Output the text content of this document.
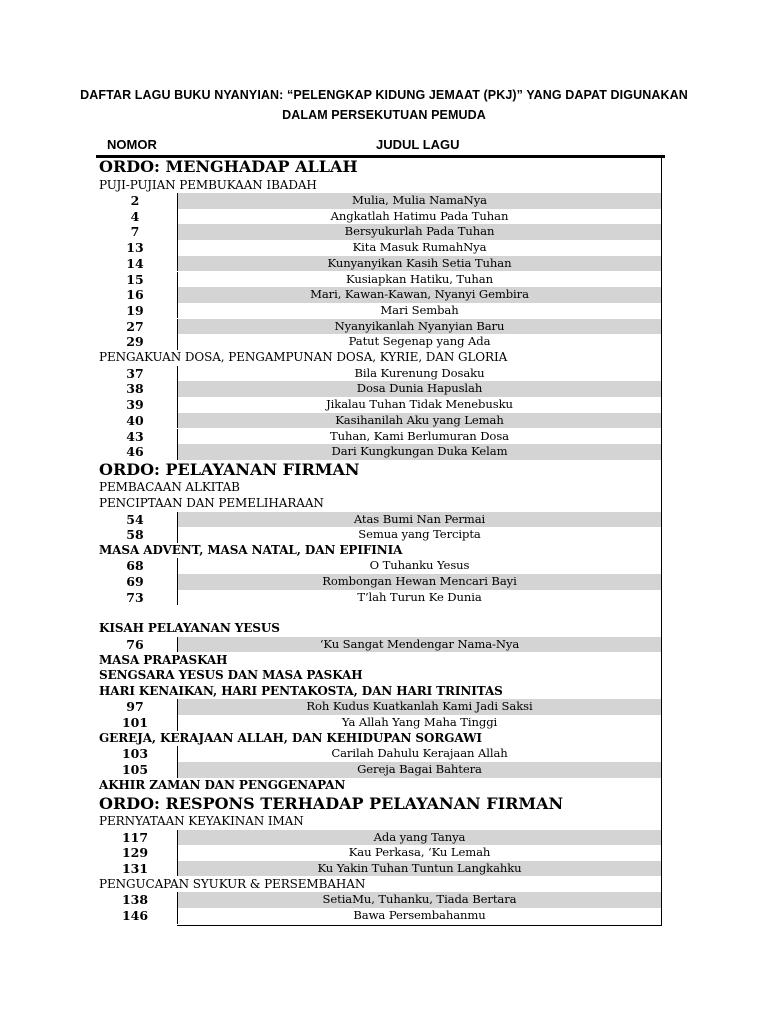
DAFTAR LAGU BUKU NYANYIAN: “PELENGKAP KIDUNG JEMAAT (PKJ)” YANG DAPAT DIGUNAKAN
DALAM PERSEKUTUAN PEMUDA
NOMOR	JUDUL LAGU
ORDO: MENGHADAP ALLAH
PUJI-PUJIAN PEMBUKAAN IBADAH
2	Mulia, Mulia NamaNya
4	Angkatlah Hatimu Pada Tuhan
7	Bersyukurlah Pada Tuhan
13	Kita Masuk RumahNya
14	Kunyanyikan Kasih Setia Tuhan
15	Kusiapkan Hatiku, Tuhan
16	Mari, Kawan-Kawan, Nyanyi Gembira
19	Mari Sembah
27	Nyanyikanlah Nyanyian Baru
29	Patut Segenap yang Ada
PENGAKUAN DOSA, PENGAMPUNAN DOSA, KYRIE, DAN GLORIA
37	Bila Kurenung Dosaku
38	Dosa Dunia Hapuslah
39	Jikalau Tuhan Tidak Menebusku
40	Kasihanilah Aku yang Lemah
43	Tuhan, Kami Berlumuran Dosa
46	Dari Kungkungan Duka Kelam
ORDO: PELAYANAN FIRMAN
PEMBACAAN ALKITAB
PENCIPTAAN DAN PEMELIHARAAN
54	Atas Bumi Nan Permai
58	Semua yang Tercipta
MASA ADVENT, MASA NATAL, DAN EPIFINIA
68	O Tuhanku Yesus
69	Rombongan Hewan Mencari Bayi
73	T’lah Turun Ke Dunia
KISAH PELAYANAN YESUS
76	‘Ku Sangat Mendengar Nama-Nya
MASA PRAPASKAH
SENGSARA YESUS DAN MASA PASKAH
HARI KENAIKAN, HARI PENTAKOSTA, DAN HARI TRINITAS
97	Roh Kudus Kuatkanlah Kami Jadi Saksi
101	Ya Allah Yang Maha Tinggi
GEREJA, KERAJAAN ALLAH, DAN KEHIDUPAN SORGAWI
103	Carilah Dahulu Kerajaan Allah
105	Gereja Bagai Bahtera
AKHIR ZAMAN DAN PENGGENAPAN
ORDO: RESPONS TERHADAP PELAYANAN FIRMAN
PERNYATAAN KEYAKINAN IMAN
117	Ada yang Tanya
129	Kau Perkasa, ‘Ku Lemah
131	Ku Yakin Tuhan Tuntun Langkahku
PENGUCAPAN SYUKUR & PERSEMBAHAN
138	SetiaMu, Tuhanku, Tiada Bertara
146	Bawa Persembahanmu
